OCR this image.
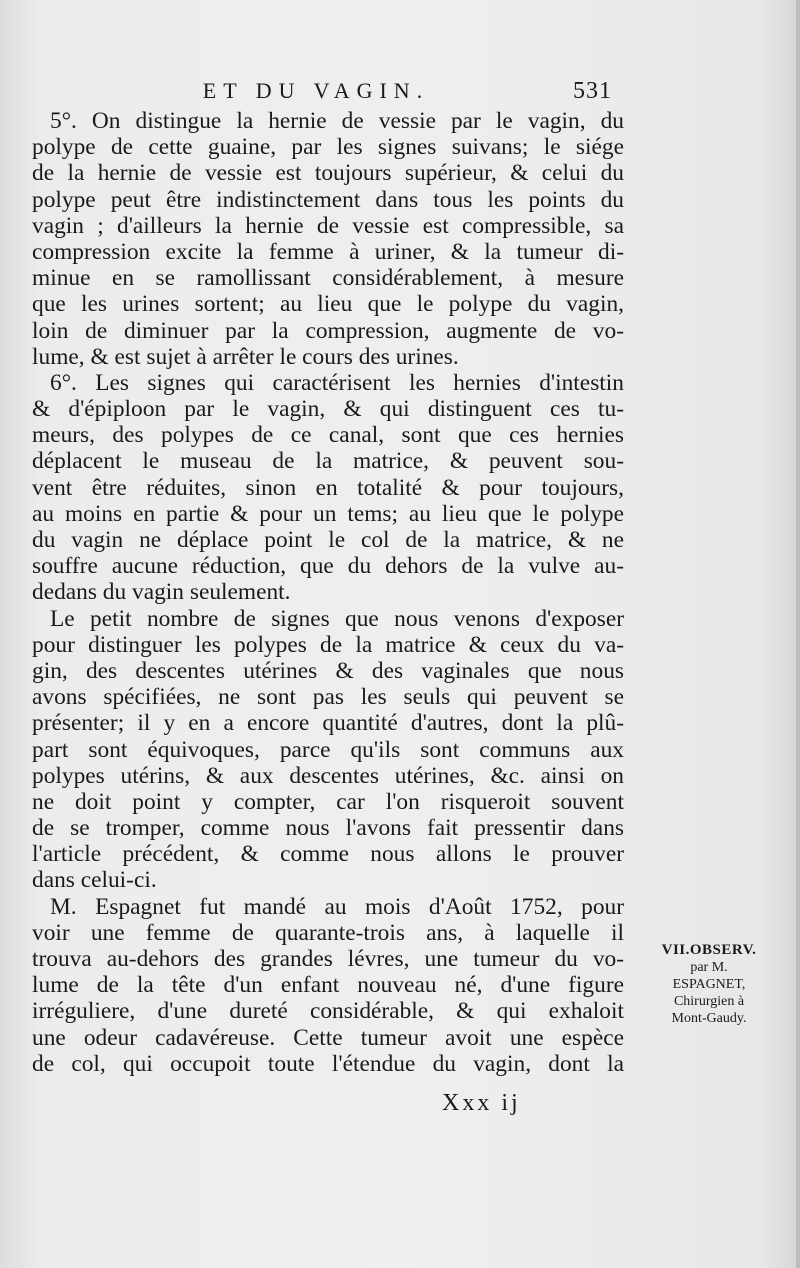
ET DU VAGIN.	531
5°. On distingue la hernie de vessie par le vagin, du
polype de cette guaine, par les signes suivans; le siége
de la hernie de vessie est toujours supérieur, & celui du
polype peut être indistinctement dans tous les points du
vagin ; d'ailleurs la hernie de vessie est compressible, sa
compression excite la femme à uriner, & la tumeur di-
minue en se ramollissant considérablement, à mesure
que les urines sortent; au lieu que le polype du vagin,
loin de diminuer par la compression, augmente de vo-
lume, & est sujet à arrêter le cours des urines.
6°. Les signes qui caractérisent les hernies d'intestin
& d'épiploon par le vagin, & qui distinguent ces tu-
meurs, des polypes de ce canal, sont que ces hernies
déplacent le museau de la matrice, & peuvent sou-
vent être réduites, sinon en totalité & pour toujours,
au moins en partie & pour un tems; au lieu que le polype
du vagin ne déplace point le col de la matrice, & ne
souffre aucune réduction, que du dehors de la vulve au-
dedans du vagin seulement.
Le petit nombre de signes que nous venons d'exposer
pour distinguer les polypes de la matrice & ceux du va-
gin, des descentes utérines & des vaginales que nous
avons spécifiées, ne sont pas les seuls qui peuvent se
présenter; il y en a encore quantité d'autres, dont la plû-
part sont équivoques, parce qu'ils sont communs aux
polypes utérins, & aux descentes utérines, &c. ainsi on
ne doit point y compter, car l'on risqueroit souvent
de se tromper, comme nous l'avons fait pressentir dans
l'article précédent, & comme nous allons le prouver
dans celui-ci.
M. Espagnet fut mandé au mois d'Août 1752, pour
voir une femme de quarante-trois ans, à laquelle il
trouva au-dehors des grandes lévres, une tumeur du vo-
lume de la tête d'un enfant nouveau né, d'une figure
irréguliere, d'une dureté considérable, & qui exhaloit
une odeur cadavéreuse. Cette tumeur avoit une espèce
de col, qui occupoit toute l'étendue du vagin, dont la
VII.OBSERV.
par M.
ESPAGNET,
Chirurgien à
Mont-Gaudy.
Xxx ij
